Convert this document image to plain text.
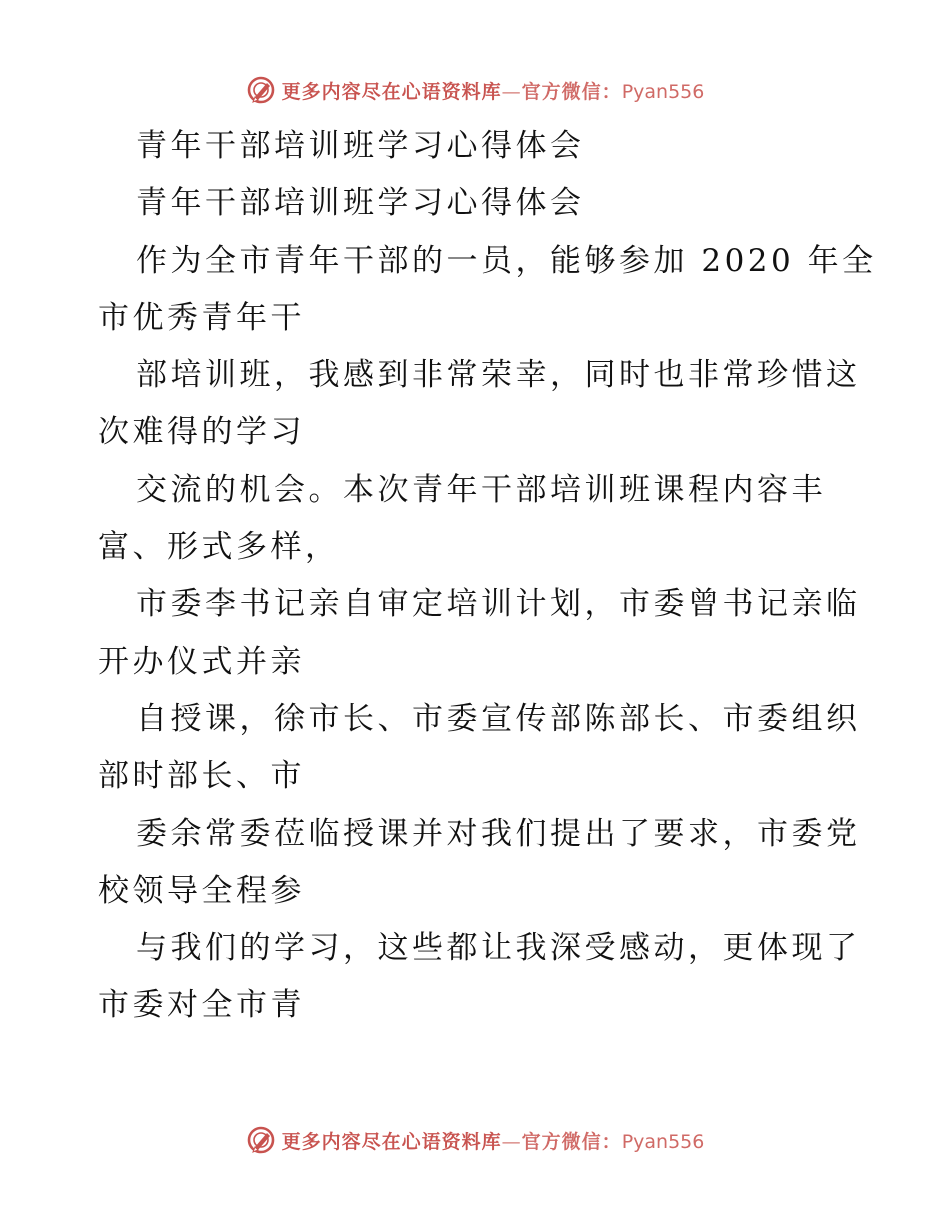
更多内容尽在心语资料库—官方微信：Pyan556
青年干部培训班学习心得体会
青年干部培训班学习心得体会
作为全市青年干部的一员，能够参加 2020 年全
市优秀青年干
部培训班，我感到非常荣幸，同时也非常珍惜这
次难得的学习
交流的机会。本次青年干部培训班课程内容丰
富、形式多样，
市委李书记亲自审定培训计划，市委曾书记亲临
开办仪式并亲
自授课，徐市长、市委宣传部陈部长、市委组织
部时部长、市
委余常委莅临授课并对我们提出了要求，市委党
校领导全程参
与我们的学习，这些都让我深受感动，更体现了
市委对全市青
更多内容尽在心语资料库—官方微信：Pyan556
